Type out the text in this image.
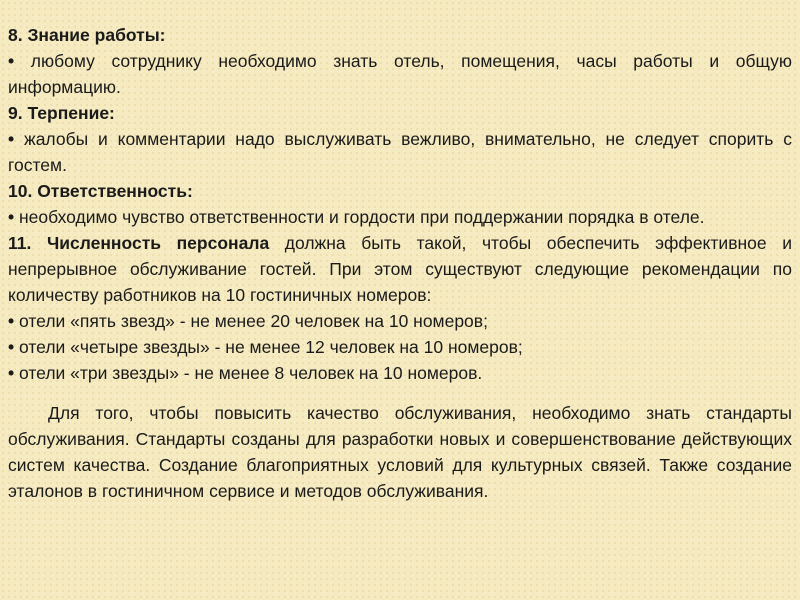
8. Знание работы:

• любому сотруднику необходимо знать отель, помещения, часы работы и общую информацию.

9. Терпение:

• жалобы и комментарии надо выслуживать вежливо, внимательно, не следует спорить с гостем.

10. Ответственность:

• необходимо чувство ответственности и гордости при поддержании порядка в отеле.

11. Численность персонала должна быть такой, чтобы обеспечить эффективное и непрерывное обслуживание гостей. При этом существуют следующие рекомендации по количеству работников на 10 гостиничных номеров:

• отели «пять звезд» - не менее 20 человек на 10 номеров;

• отели «четыре звезды» - не менее 12 человек на 10 номеров;

• отели «три звезды» - не менее 8 человек на 10 номеров.

Для того, чтобы повысить качество обслуживания, необходимо знать стандарты обслуживания. Стандарты созданы для разработки новых и совершенствование действующих систем качества. Создание благоприятных условий для культурных связей. Также создание эталонов в гостиничном сервисе и методов обслуживания.
